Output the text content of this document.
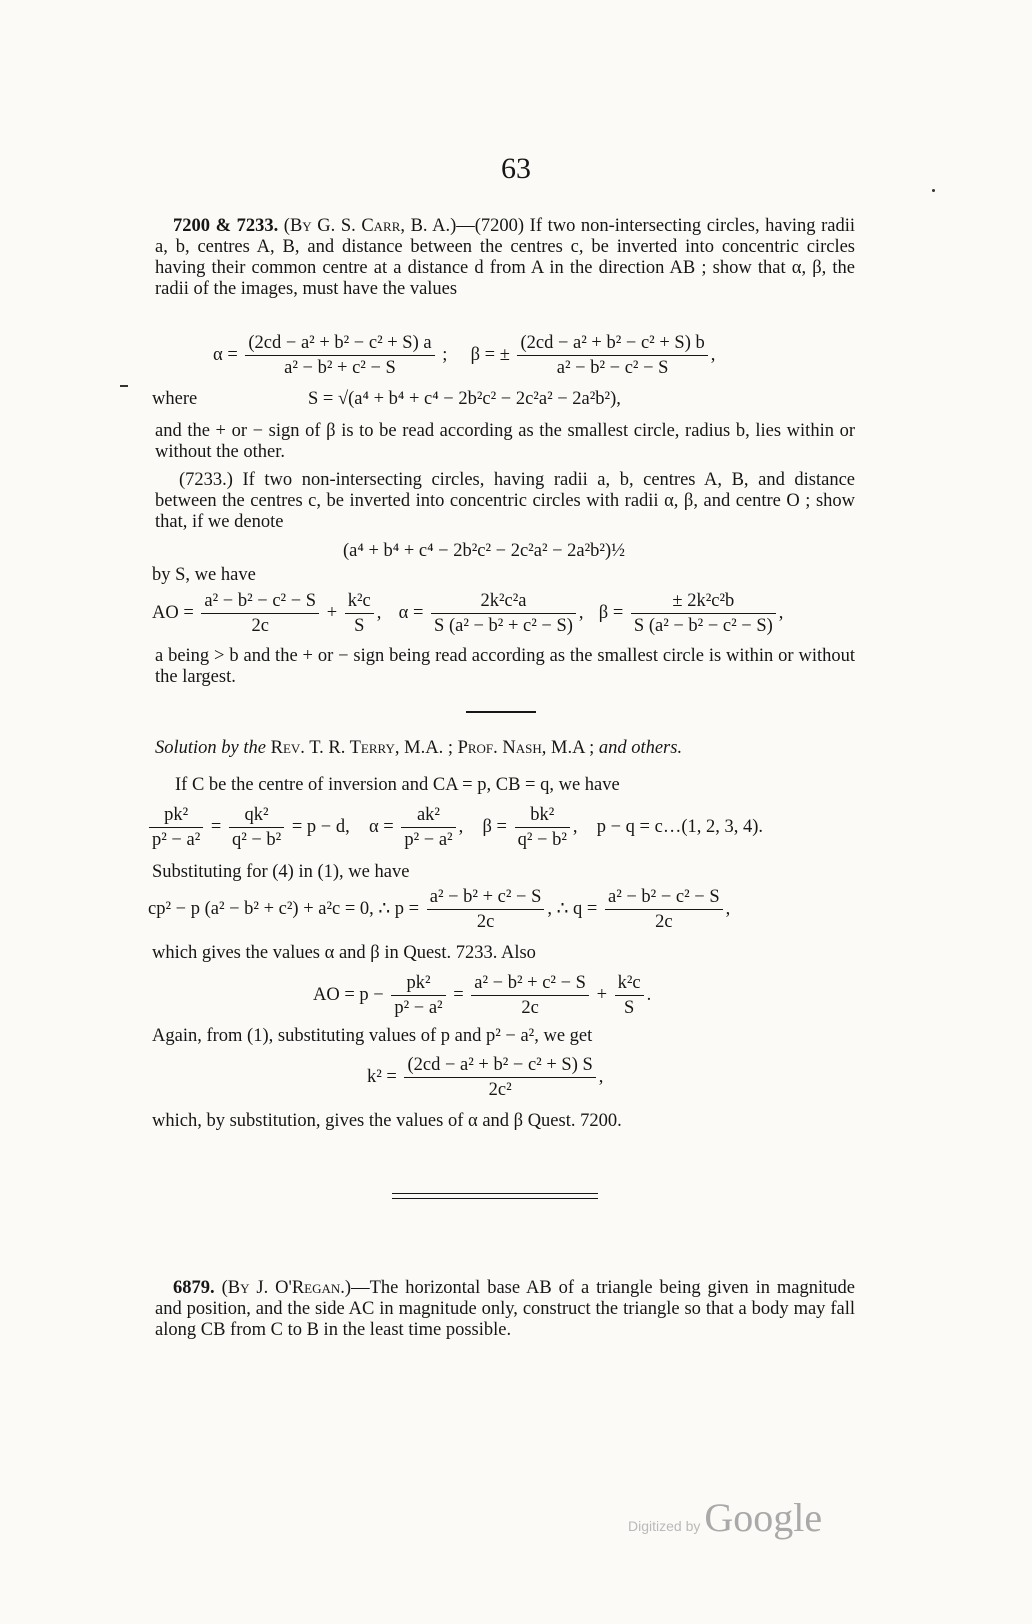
63
7200 & 7233. (By G. S. Carr, B. A.)—(7200) If two non-intersecting circles, having radii a, b, centres A, B, and distance between the centres c, be inverted into concentric circles having their common centre at a distance d from A in the direction AB ; show that α, β, the radii of the images, must have the values
$\alpha = \frac{\text{(2cd − a² + b² − c² + S) a}}{\text{a² − b² + c² − S}}$ ; β = ± $\frac{\text{(2cd − a² + b² − c² + S) b}}{\text{a² − b² − c² − S}}$ ,
where	S = √(a⁴ + b⁴ + c⁴ − 2b²c² − 2c²a² − 2a²b²),
and the + or − sign of β is to be read according as the smallest circle, radius b, lies within or without the other.
(7233.) If two non-intersecting circles, having radii a, b, centres A, B, and distance between the centres c, be inverted into concentric circles with radii α, β, and centre O ; show that, if we denote
(a⁴ + b⁴ + c⁴ − 2b²c² − 2c²a² − 2a²b²)½
by S, we have
AO = $\frac{\text{a² − b² − c² − S}}{2c} + \frac{\text{k²c}}{S}$ ,  $\alpha = \frac{\text{2k²c²a}}{\text{S (a² − b² + c² − S)}}$ ,  $\beta = \frac{\text{± 2k²c²b}}{\text{S (a² − b² − c² − S)}}$ ,
a being > b and the + or − sign being read according as the smallest circle is within or without the largest.
Solution by the Rev. T. R. Terry, M.A. ; Prof. Nash, M.A ; and others.
If C be the centre of inversion and CA = p, CB = q, we have
$\frac{\text{pk²}}{\text{p² − a²}} = \frac{\text{qk²}}{\text{q² − b²}} = p - d$, $\alpha = \frac{\text{ak²}}{\text{p² − a²}}$ ,  $\beta = \frac{\text{bk²}}{\text{q² − b²}}$ ,  p − q = c…(1, 2, 3, 4).
Substituting for (4) in (1), we have
cp² − p (a² − b² + c²) + a²c = 0, ∴ $p = \frac{\text{a² − b² + c² − S}}{2c}$ , ∴ $q = \frac{\text{a² − b² − c² − S}}{2c}$ ,
which gives the values α and β in Quest. 7233. Also
AO = $p - \frac{\text{pk²}}{\text{p² − a²}} = \frac{\text{a² − b² + c² − S}}{2c} + \frac{\text{k²c}}{S}$ .
Again, from (1), substituting values of p and p² − a², we get
$k^2 = \frac{\text{(2cd − a² + b² − c² + S) S}}{\text{2c²}}$ ,
which, by substitution, gives the values of α and β Quest. 7200.
6879. (By J. O'Regan.)—The horizontal base AB of a triangle being given in magnitude and position, and the side AC in magnitude only, construct the triangle so that a body may fall along CB from C to B in the least time possible.
Digitized by Google
